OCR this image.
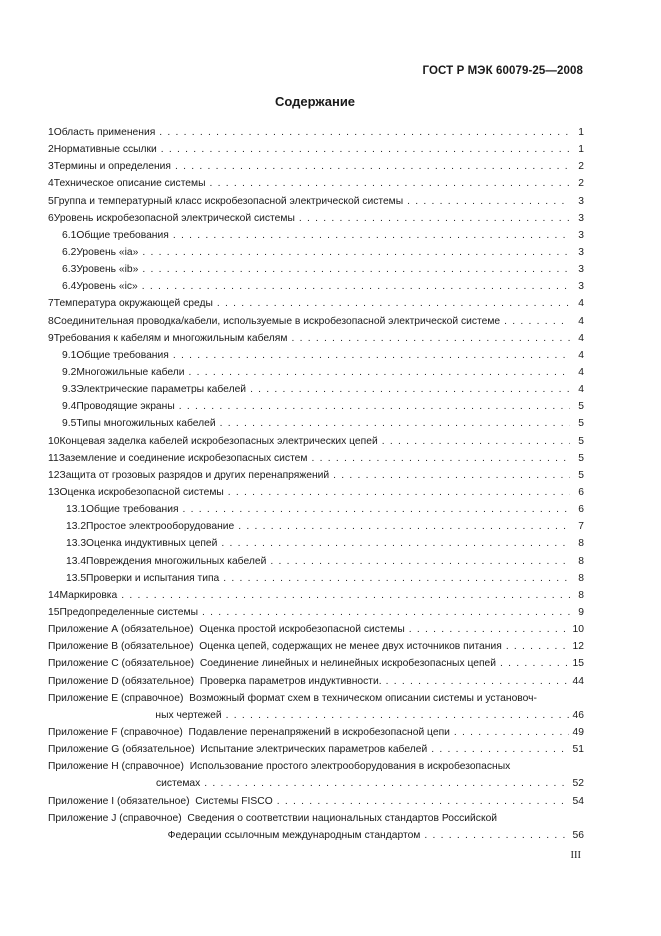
ГОСТ Р МЭК 60079-25—2008
Содержание
1 Область применения . . .	1
2 Нормативные ссылки . . .	1
3 Термины и определения . . .	2
4 Техническое описание системы . . .	2
5 Группа и температурный класс искробезопасной электрической системы . . .	3
6 Уровень искробезопасной электрической системы . . .	3
6.1 Общие требования . . .	3
6.2 Уровень «ia» . . .	3
6.3 Уровень «ib» . . .	3
6.4 Уровень «ic» . . .	3
7 Температура окружающей среды . . .	4
8 Соединительная проводка/кабели, используемые в искробезопасной электрической системе . . .	4
9 Требования к кабелям и многожильным кабелям . . .	4
9.1 Общие требования . . .	4
9.2 Многожильные кабели . . .	4
9.3 Электрические параметры кабелей . . .	4
9.4 Проводящие экраны . . .	5
9.5 Типы многожильных кабелей . . .	5
10 Концевая заделка кабелей искробезопасных электрических цепей . . .	5
11 Заземление и соединение искробезопасных систем . . .	5
12 Защита от грозовых разрядов и других перенапряжений . . .	5
13 Оценка искробезопасной системы . . .	6
13.1 Общие требования . . .	6
13.2 Простое электрооборудование . . .	7
13.3 Оценка индуктивных цепей . . .	8
13.4 Повреждения многожильных кабелей . . .	8
13.5 Проверки и испытания типа . . .	8
14 Маркировка . . .	8
15 Предопределенные системы . . .	9
Приложение А (обязательное)
Оценка простой искробезопасной системы . . .	10
Приложение В (обязательное)
Оценка цепей, содержащих не менее двух источников питания . . .	12
Приложение С (обязательное)
Соединение линейных и нелинейных искробезопасных цепей . . .	15
Приложение D (обязательное)
Проверка параметров индуктивности. . . .	44
Приложение Е (справочное) Возможный формат схем в техническом описании системы и установоч-
ных чертежей . . .	46
Приложение F (справочное)
Подавление перенапряжений в искробезопасной цепи . . .	49
Приложение G (обязательное)
Испытание электрических параметров кабелей . . .	51
Приложение Н (справочное) Использование простого электрооборудования в искробезопасных
системах . . .	52
Приложение I (обязательное)
Системы FISCO . . .	54
Приложение J (справочное) Сведения о соответствии национальных стандартов Российской
Федерации ссылочным международным стандартом . . .	56
III
